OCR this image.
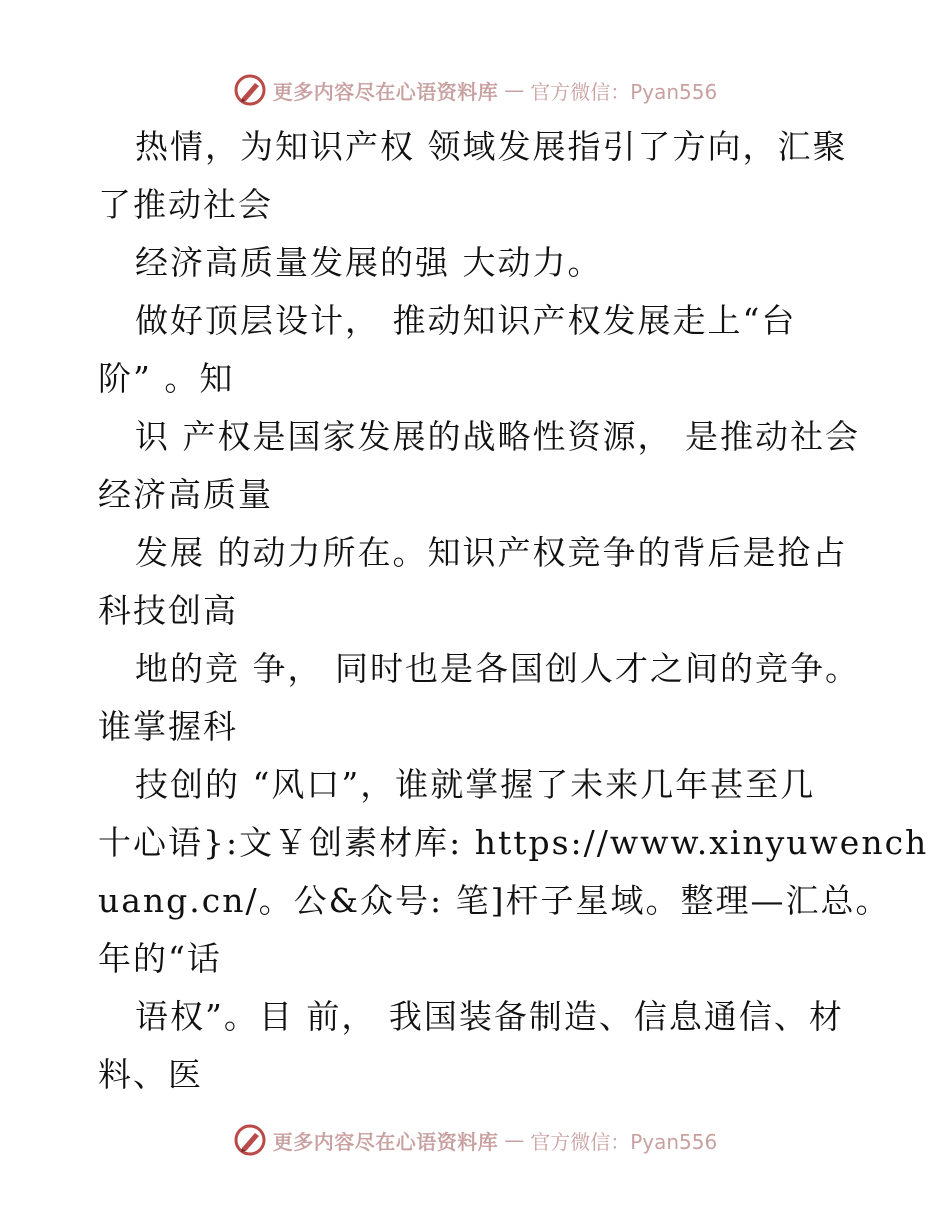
更多内容尽在心语资料库 — 官方微信：Pyan556
热情，为知识产权 领域发展指引了方向，汇聚
了推动社会
经济高质量发展的强 大动力。
做好顶层设计， 推动知识产权发展走上“台
阶” 。知
识 产权是国家发展的战略性资源， 是推动社会
经济高质量
发展 的动力所在。知识产权竞争的背后是抢占
科技创高
地的竞 争， 同时也是各国创人才之间的竞争。
谁掌握科
技创的 “风口”，谁就掌握了未来几年甚至几
十心语}:文￥创素材库: https://www.xinyuwench
uang.cn/。公&众号: 笔]杆子星域。整理—汇总。
年的“话
语权”。目 前， 我国装备制造、信息通信、材
料、医
更多内容尽在心语资料库 — 官方微信：Pyan556
